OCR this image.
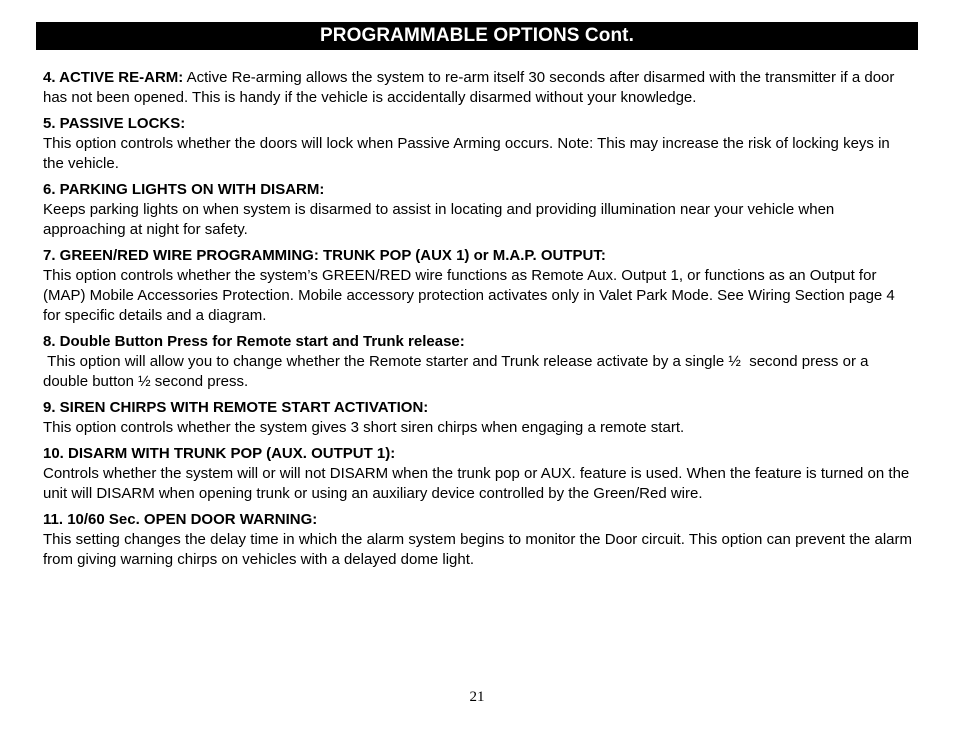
PROGRAMMABLE OPTIONS Cont.

4. ACTIVE RE-ARM: Active Re-arming allows the system to re-arm itself 30 seconds after disarmed with the transmitter if a door has not been opened. This is handy if the vehicle is accidentally disarmed without your knowledge.

5. PASSIVE LOCKS:

This option controls whether the doors will lock when Passive Arming occurs. Note: This may increase the risk of locking keys in the vehicle.

6. PARKING LIGHTS ON WITH DISARM:

Keeps parking lights on when system is disarmed to assist in locating and providing illumination near your vehicle when approaching at night for safety.

7. GREEN/RED WIRE PROGRAMMING: TRUNK POP (AUX 1) or M.A.P. OUTPUT:

This option controls whether the system’s GREEN/RED wire functions as Remote Aux. Output 1, or functions as an Output for (MAP) Mobile Accessories Protection. Mobile accessory protection activates only in Valet Park Mode. See Wiring Section page 4 for specific details and a diagram.

8. Double Button Press for Remote start and Trunk release:

This option will allow you to change whether the Remote starter and Trunk release activate by a single ½  second press or a double button ½ second press.

9. SIREN CHIRPS WITH REMOTE START ACTIVATION:

This option controls whether the system gives 3 short siren chirps when engaging a remote start.

10. DISARM WITH TRUNK POP (AUX. OUTPUT 1):

Controls whether the system will or will not DISARM when the trunk pop or AUX. feature is used. When the feature is turned on the unit will DISARM when opening trunk or using an auxiliary device controlled by the Green/Red wire.

11. 10/60 Sec. OPEN DOOR WARNING:

This setting changes the delay time in which the alarm system begins to monitor the Door circuit. This option can prevent the alarm from giving warning chirps on vehicles with a delayed dome light.

21
